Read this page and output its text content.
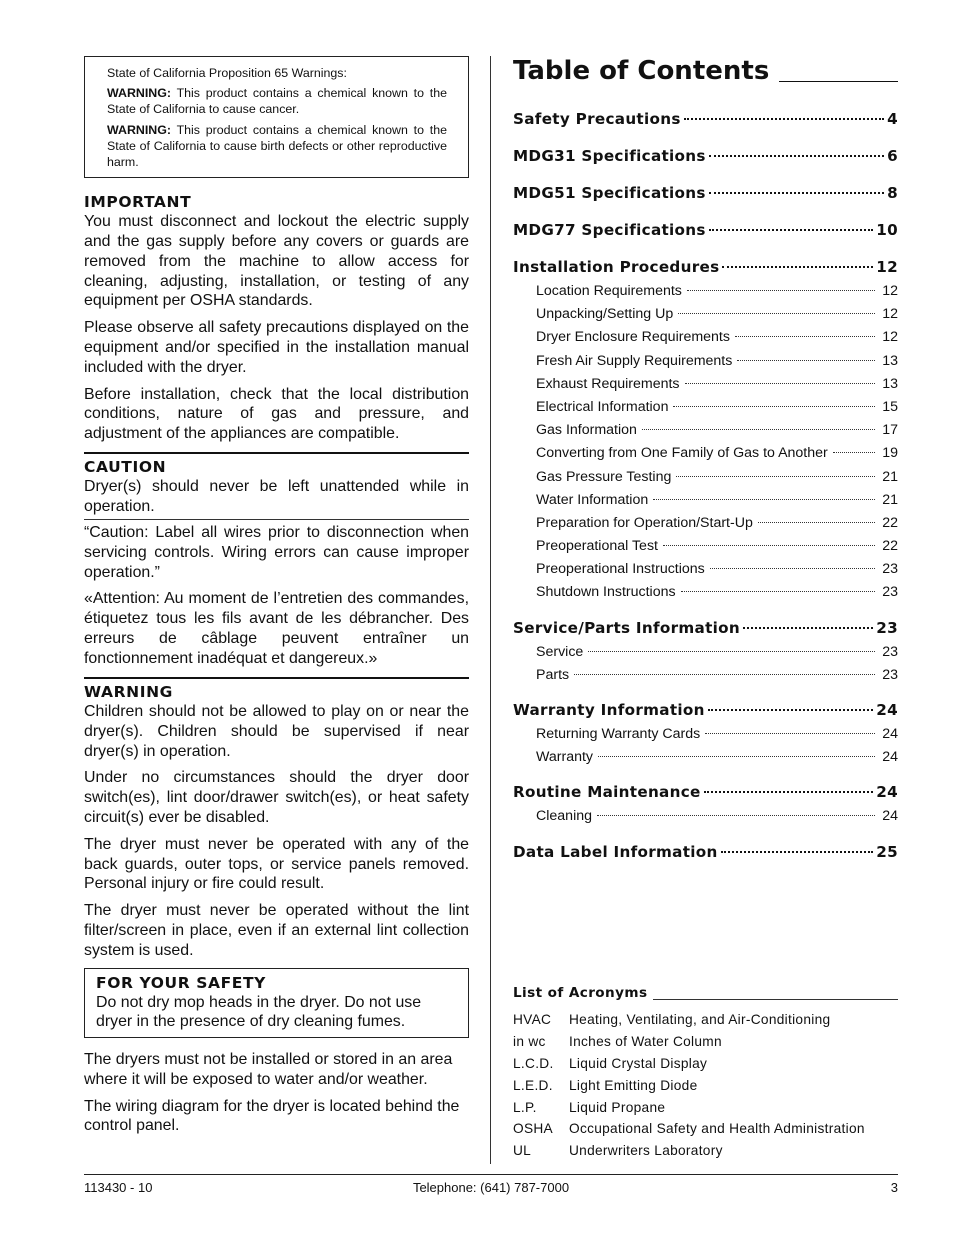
State of California Proposition 65 Warnings:

WARNING: This product contains a chemical known to the State of California to cause cancer.

WARNING: This product contains a chemical known to the State of California to cause birth defects or other reproductive harm.

IMPORTANT

You must disconnect and lockout the electric supply and the gas supply before any covers or guards are removed from the machine to allow access for cleaning, adjusting, installation, or testing of any equipment per OSHA standards.

Please observe all safety precautions displayed on the equipment and/or specified in the installation manual included with the dryer.

Before installation, check that the local distribution conditions, nature of gas and pressure, and adjustment of the appliances are compatible.

CAUTION

Dryer(s) should never be left unattended while in operation.

“Caution: Label all wires prior to disconnection when servicing controls. Wiring errors can cause improper operation.”

«Attention: Au moment de l’entretien des commandes, étiquetez tous les fils avant de les débrancher. Des erreurs de câblage peuvent entraîner un fonctionnement inadéquat et dangereux.»

WARNING

Children should not be allowed to play on or near the dryer(s). Children should be supervised if near dryer(s) in operation.

Under no circumstances should the dryer door switch(es), lint door/drawer switch(es), or heat safety circuit(s) ever be disabled.

The dryer must never be operated with any of the back guards, outer tops, or service panels removed. Personal injury or fire could result.

The dryer must never be operated without the lint filter/screen in place, even if an external lint collection system is used.

FOR YOUR SAFETY

Do not dry mop heads in the dryer. Do not use dryer in the presence of dry cleaning fumes.

The dryers must not be installed or stored in an area where it will be exposed to water and/or weather.

The wiring diagram for the dryer is located behind the control panel.

Table of Contents
Safety Precautions	4
MDG31 Specifications	6
MDG51 Specifications	8
MDG77 Specifications	10
Installation Procedures	12
Location Requirements	12
Unpacking/Setting Up	12
Dryer Enclosure Requirements	12
Fresh Air Supply Requirements	13
Exhaust Requirements	13
Electrical Information	15
Gas Information	17
Converting from One Family of Gas to Another	19
Gas Pressure Testing	21
Water Information	21
Preparation for Operation/Start-Up	22
Preoperational Test	22
Preoperational Instructions	23
Shutdown Instructions	23
Service/Parts Information	23
Service	23
Parts	23
Warranty Information	24
Returning Warranty Cards	24
Warranty	24
Routine Maintenance	24
Cleaning	24
Data Label Information	25
List of Acronyms
HVAC	Heating, Ventilating, and Air-Conditioning
in wc	Inches of Water Column
L.C.D.	Liquid Crystal Display
L.E.D.	Light Emitting Diode
L.P.	Liquid Propane
OSHA	Occupational Safety and Health Administration
UL	Underwriters Laboratory
113430 - 10	Telephone: (641) 787-7000	3
